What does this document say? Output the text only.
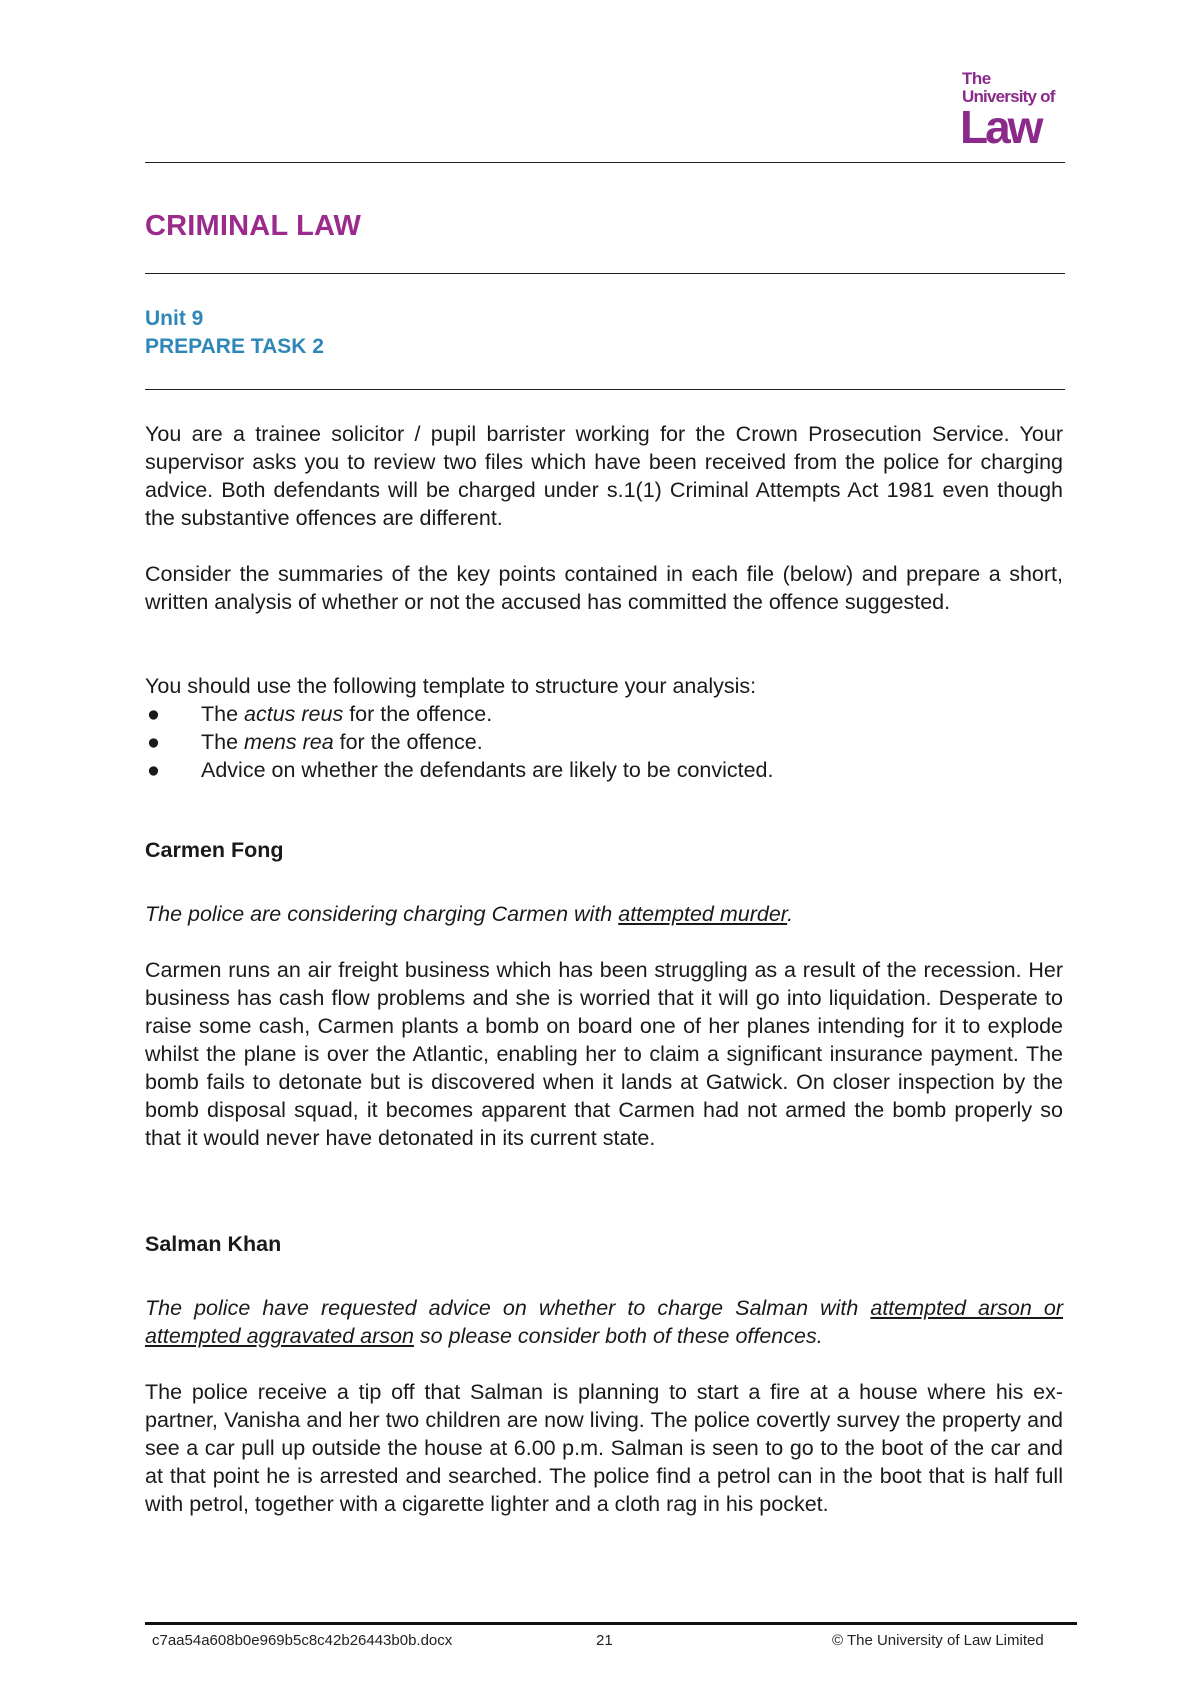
The
University of
Law
CRIMINAL LAW
Unit 9
PREPARE TASK 2

You are a trainee solicitor / pupil barrister working for the Crown Prosecution Service. Your supervisor asks you to review two files which have been received from the police for charging advice. Both defendants will be charged under s.1(1) Criminal Attempts Act 1981 even though the substantive offences are different.

Consider the summaries of the key points contained in each file (below) and prepare a short, written analysis of whether or not the accused has committed the offence suggested.

You should use the following template to structure your analysis:

● The actus reus for the offence.
● The mens rea for the offence.
● Advice on whether the defendants are likely to be convicted.
Carmen Fong

The police are considering charging Carmen with attempted murder.

Carmen runs an air freight business which has been struggling as a result of the recession. Her business has cash flow problems and she is worried that it will go into liquidation. Desperate to raise some cash, Carmen plants a bomb on board one of her planes intending for it to explode whilst the plane is over the Atlantic, enabling her to claim a significant insurance payment. The bomb fails to detonate but is discovered when it lands at Gatwick. On closer inspection by the bomb disposal squad, it becomes apparent that Carmen had not armed the bomb properly so that it would never have detonated in its current state.

Salman Khan

The police have requested advice on whether to charge Salman with attempted arson or attempted aggravated arson so please consider both of these offences.

The police receive a tip off that Salman is planning to start a fire at a house where his ex-partner, Vanisha and her two children are now living. The police covertly survey the property and see a car pull up outside the house at 6.00 p.m. Salman is seen to go to the boot of the car and at that point he is arrested and searched. The police find a petrol can in the boot that is half full with petrol, together with a cigarette lighter and a cloth rag in his pocket.

c7aa54a608b0e969b5c8c42b26443b0b.docx	21	© The University of Law Limited
